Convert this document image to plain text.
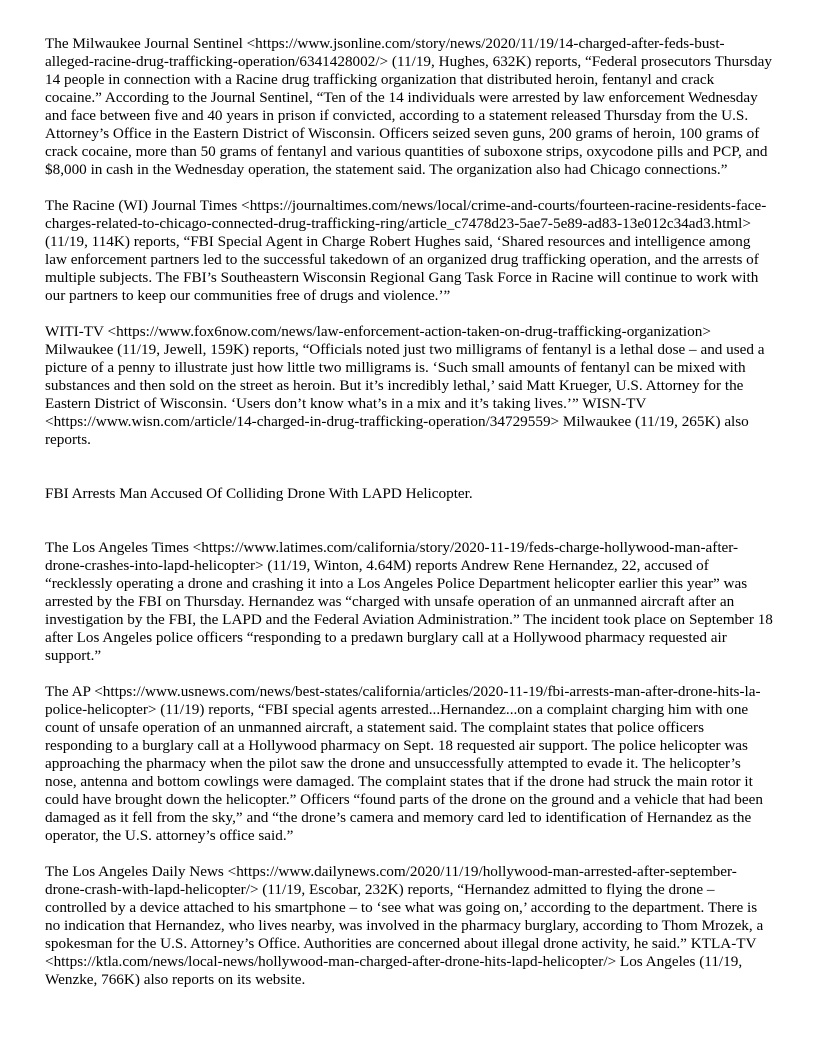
The Milwaukee Journal Sentinel <https://www.jsonline.com/story/news/2020/11/19/14-charged-after-feds-bust-alleged-racine-drug-trafficking-operation/6341428002/> (11/19, Hughes, 632K) reports, “Federal prosecutors Thursday 14 people in connection with a Racine drug trafficking organization that distributed heroin, fentanyl and crack cocaine.” According to the Journal Sentinel, “Ten of the 14 individuals were arrested by law enforcement Wednesday and face between five and 40 years in prison if convicted, according to a statement released Thursday from the U.S. Attorney’s Office in the Eastern District of Wisconsin. Officers seized seven guns, 200 grams of heroin, 100 grams of crack cocaine, more than 50 grams of fentanyl and various quantities of suboxone strips, oxycodone pills and PCP, and $8,000 in cash in the Wednesday operation, the statement said. The organization also had Chicago connections.”

The Racine (WI) Journal Times <https://journaltimes.com/news/local/crime-and-courts/fourteen-racine-residents-face-charges-related-to-chicago-connected-drug-trafficking-ring/article_c7478d23-5ae7-5e89-ad83-13e012c34ad3.html> (11/19, 114K) reports, “FBI Special Agent in Charge Robert Hughes said, ‘Shared resources and intelligence among law enforcement partners led to the successful takedown of an organized drug trafficking operation, and the arrests of multiple subjects. The FBI’s Southeastern Wisconsin Regional Gang Task Force in Racine will continue to work with our partners to keep our communities free of drugs and violence.’”

WITI-TV <https://www.fox6now.com/news/law-enforcement-action-taken-on-drug-trafficking-organization> Milwaukee (11/19, Jewell, 159K) reports, “Officials noted just two milligrams of fentanyl is a lethal dose – and used a picture of a penny to illustrate just how little two milligrams is. ‘Such small amounts of fentanyl can be mixed with substances and then sold on the street as heroin. But it’s incredibly lethal,’ said Matt Krueger, U.S. Attorney for the Eastern District of Wisconsin. ‘Users don’t know what’s in a mix and it’s taking lives.’” WISN-TV <https://www.wisn.com/article/14-charged-in-drug-trafficking-operation/34729559> Milwaukee (11/19, 265K) also reports.

FBI Arrests Man Accused Of Colliding Drone With LAPD Helicopter.

The Los Angeles Times <https://www.latimes.com/california/story/2020-11-19/feds-charge-hollywood-man-after-drone-crashes-into-lapd-helicopter> (11/19, Winton, 4.64M) reports Andrew Rene Hernandez, 22, accused of “recklessly operating a drone and crashing it into a Los Angeles Police Department helicopter earlier this year” was arrested by the FBI on Thursday. Hernandez was “charged with unsafe operation of an unmanned aircraft after an investigation by the FBI, the LAPD and the Federal Aviation Administration.” The incident took place on September 18 after Los Angeles police officers “responding to a predawn burglary call at a Hollywood pharmacy requested air support.”

The AP <https://www.usnews.com/news/best-states/california/articles/2020-11-19/fbi-arrests-man-after-drone-hits-la-police-helicopter> (11/19) reports, “FBI special agents arrested...Hernandez...on a complaint charging him with one count of unsafe operation of an unmanned aircraft, a statement said. The complaint states that police officers responding to a burglary call at a Hollywood pharmacy on Sept. 18 requested air support. The police helicopter was approaching the pharmacy when the pilot saw the drone and unsuccessfully attempted to evade it. The helicopter’s nose, antenna and bottom cowlings were damaged. The complaint states that if the drone had struck the main rotor it could have brought down the helicopter.” Officers “found parts of the drone on the ground and a vehicle that had been damaged as it fell from the sky,” and “the drone’s camera and memory card led to identification of Hernandez as the operator, the U.S. attorney’s office said.”

The Los Angeles Daily News <https://www.dailynews.com/2020/11/19/hollywood-man-arrested-after-september-drone-crash-with-lapd-helicopter/> (11/19, Escobar, 232K) reports, “Hernandez admitted to flying the drone – controlled by a device attached to his smartphone – to ‘see what was going on,’ according to the department. There is no indication that Hernandez, who lives nearby, was involved in the pharmacy burglary, according to Thom Mrozek, a spokesman for the U.S. Attorney’s Office. Authorities are concerned about illegal drone activity, he said.” KTLA-TV <https://ktla.com/news/local-news/hollywood-man-charged-after-drone-hits-lapd-helicopter/> Los Angeles (11/19, Wenzke, 766K) also reports on its website.
